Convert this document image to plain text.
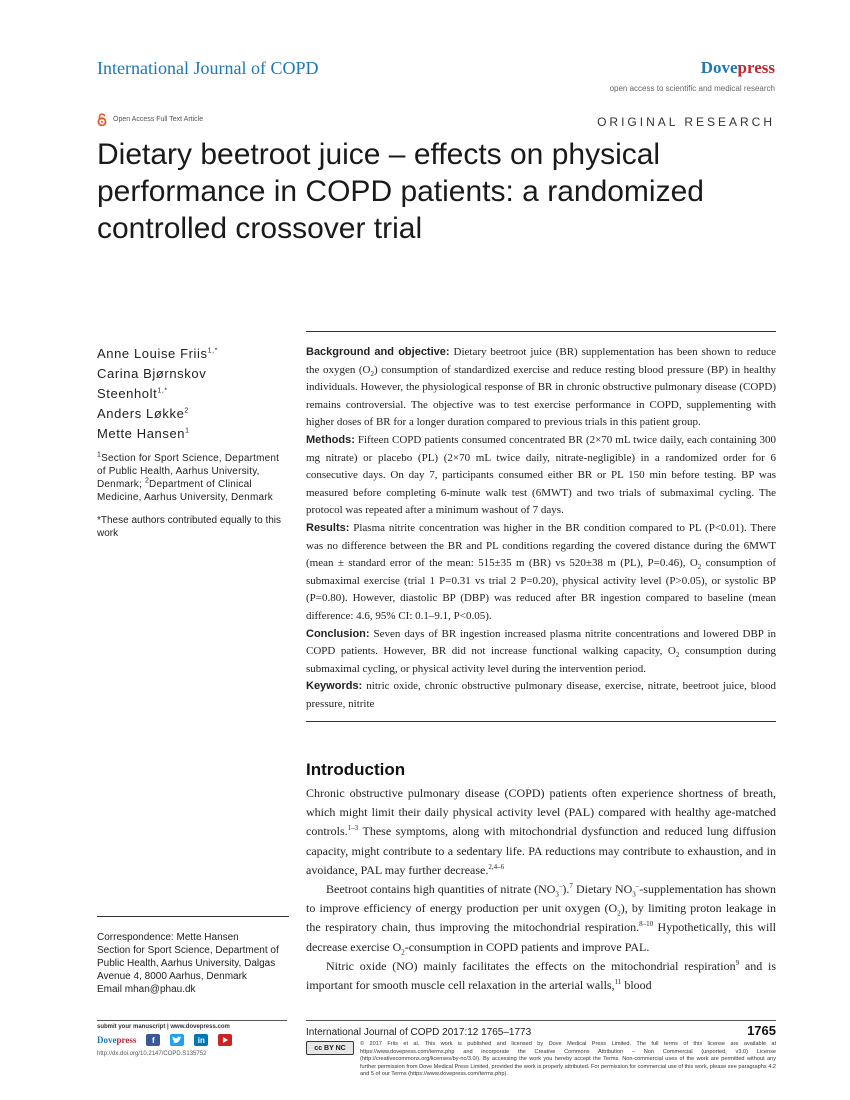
International Journal of COPD	Dovepress
open access to scientific and medical research
Open Access Full Text Article	ORIGINAL RESEARCH
Dietary beetroot juice – effects on physical performance in COPD patients: a randomized controlled crossover trial
Anne Louise Friis$^{1,*}$
Carina Bjørnskov
Steenholt$^{1,*}$
Anders Løkke$^2$
Mette Hansen$^1$
$^1$Section for Sport Science, Department of Public Health, Aarhus University, Denmark; $^2$Department of Clinical Medicine, Aarhus University, Denmark
*These authors contributed equally to this work
Correspondence: Mette Hansen
Section for Sport Science, Department of Public Health, Aarhus University, Dalgas Avenue 4, 8000 Aarhus, Denmark
Email mhan@phau.dk

Background and objective: Dietary beetroot juice (BR) supplementation has been shown to reduce the oxygen $(O_2)$ consumption of standardized exercise and reduce resting blood pressure (BP) in healthy individuals. However, the physiological response of BR in chronic obstructive pulmonary disease (COPD) remains controversial. The objective was to test exercise performance in COPD, supplementing with higher doses of BR for a longer duration compared to previous trials in this patient group.

Methods: Fifteen COPD patients consumed concentrated BR (2×70 mL twice daily, each containing 300 mg nitrate) or placebo (PL) (2×70 mL twice daily, nitrate-negligible) in a randomized order for 6 consecutive days. On day 7, participants consumed either BR or PL 150 min before testing. BP was measured before completing 6-minute walk test (6MWT) and two trials of submaximal cycling. The protocol was repeated after a minimum washout of 7 days.

Results: Plasma nitrite concentration was higher in the BR condition compared to PL (P<0.01). There was no difference between the BR and PL conditions regarding the covered distance during the 6MWT (mean ± standard error of the mean: 515±35 m (BR) vs 520±38 m (PL), P=0.46), $O_2$ consumption of submaximal exercise (trial 1 P=0.31 vs trial 2 P=0.20), physical activity level (P>0.05), or systolic BP (P=0.80). However, diastolic BP (DBP) was reduced after BR ingestion compared to baseline (mean difference: 4.6, 95% CI: 0.1–9.1, P<0.05).

Conclusion: Seven days of BR ingestion increased plasma nitrite concentrations and lowered DBP in COPD patients. However, BR did not increase functional walking capacity, $O_2$ consumption during submaximal cycling, or physical activity level during the intervention period.

Keywords: nitric oxide, chronic obstructive pulmonary disease, exercise, nitrate, beetroot juice, blood pressure, nitrite

Introduction

Chronic obstructive pulmonary disease (COPD) patients often experience shortness of breath, which might limit their daily physical activity level (PAL) compared with healthy age-matched controls.$^{1-3}$ These symptoms, along with mitochondrial dysfunction and reduced lung diffusion capacity, might contribute to a sedentary life. PA reductions may contribute to exhaustion, and in avoidance, PAL may further decrease.$^{2,4-6}$

Beetroot contains high quantities of nitrate $(NO_3^-).^7$ Dietary $NO_3^-$-supplementation has shown to improve efficiency of energy production per unit oxygen $(O_2)$, by limiting proton leakage in the respiratory chain, thus improving the mitochondrial respiration.$^{8-10}$ Hypothetically, this will decrease exercise $O_2$-consumption in COPD patients and improve PAL.

Nitric oxide (NO) mainly facilitates the effects on the mitochondrial respiration$^9$ and is important for smooth muscle cell relaxation in the arterial walls,$^{11}$ blood

submit your manuscript | www.dovepress.com
Dovepress	f	in
http://dx.doi.org/10.2147/COPD.S135752
International Journal of COPD 2017:12 1765–1773	1765
cc BY NC
© 2017 Friis et al. This work is published and licensed by Dove Medical Press Limited. The full terms of this license are available at https://www.dovepress.com/terms.php and incorporate the Creative Commons Attribution – Non Commercial (unported, v3.0) License (http://creativecommons.org/licenses/by-nc/3.0/). By accessing the work you hereby accept the Terms. Non-commercial uses of the work are permitted without any further permission from Dove Medical Press Limited, provided the work is properly attributed. For permission for commercial use of this work, please see paragraphs 4.2 and 5 of our Terms (https://www.dovepress.com/terms.php).
